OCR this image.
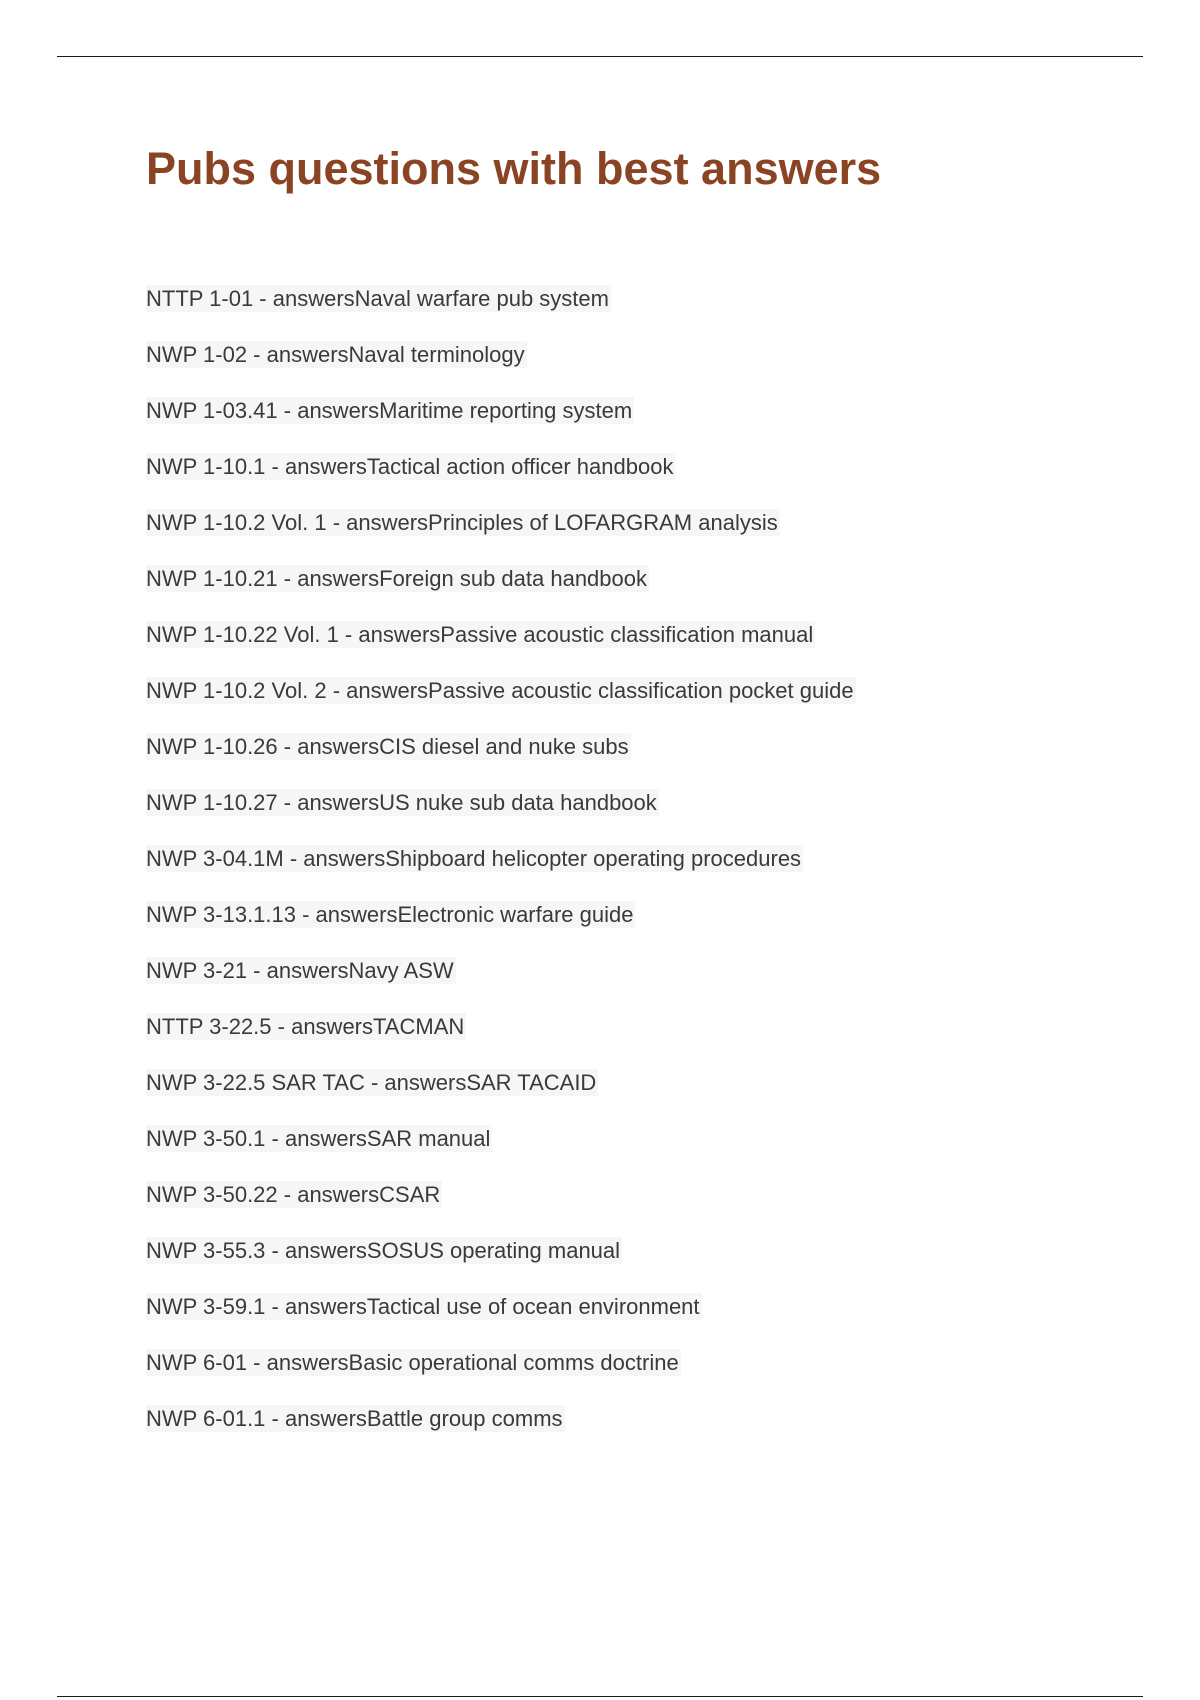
Pubs questions with best answers
NTTP 1-01 - answersNaval warfare pub system
NWP 1-02 - answersNaval terminology
NWP 1-03.41 - answersMaritime reporting system
NWP 1-10.1 - answersTactical action officer handbook
NWP 1-10.2 Vol. 1 - answersPrinciples of LOFARGRAM analysis
NWP 1-10.21 - answersForeign sub data handbook
NWP 1-10.22 Vol. 1 - answersPassive acoustic classification manual
NWP 1-10.2 Vol. 2 - answersPassive acoustic classification pocket guide
NWP 1-10.26 - answersCIS diesel and nuke subs
NWP 1-10.27 - answersUS nuke sub data handbook
NWP 3-04.1M - answersShipboard helicopter operating procedures
NWP 3-13.1.13 - answersElectronic warfare guide
NWP 3-21 - answersNavy ASW
NTTP 3-22.5 - answersTACMAN
NWP 3-22.5 SAR TAC - answersSAR TACAID
NWP 3-50.1 - answersSAR manual
NWP 3-50.22 - answersCSAR
NWP 3-55.3 - answersSOSUS operating manual
NWP 3-59.1 - answersTactical use of ocean environment
NWP 6-01 - answersBasic operational comms doctrine
NWP 6-01.1 - answersBattle group comms
